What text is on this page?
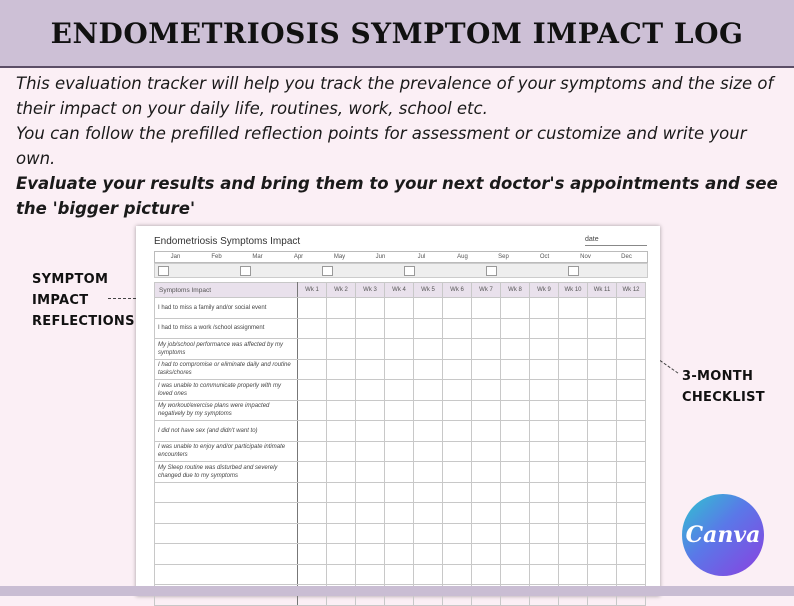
ENDOMETRIOSIS SYMPTOM IMPACT LOG

This evaluation tracker will help you track the prevalence of your symptoms and the size of their impact on your daily life, routines, work, school etc.

You can follow the prefilled reflection points for assessment or customize and write your own.

Evaluate your results and bring them to your next doctor's appointments and see the 'bigger picture'

SYMPTOM

IMPACT

REFLECTIONS

3-MONTH

CHECKLIST

Endometriosis Symptoms Impact	date
Jan	Feb	Mar	Apr	May	Jun	Jul	Aug	Sep	Oct	Nov	Dec
Symptoms Impact	Wk 1	Wk 2	Wk 3	Wk 4	Wk 5	Wk 6	Wk 7	Wk 8	Wk 9	Wk 10	Wk 11	Wk 12
I had to miss a family and/or social event												
I had to miss a work /school assignment												
My job/school performance was affected by my symptoms												
I had to compromise or eliminate daily and routine tasks/chores												
I was unable to communicate properly with my loved ones												
My workout/exercise plans were impacted negatively by my symptoms												
I did not have sex (and didn't want to)												
I was unable to enjoy and/or participate intimate encounters												
My Sleep routine was disturbed and severely changed due to my symptoms												

Canva
